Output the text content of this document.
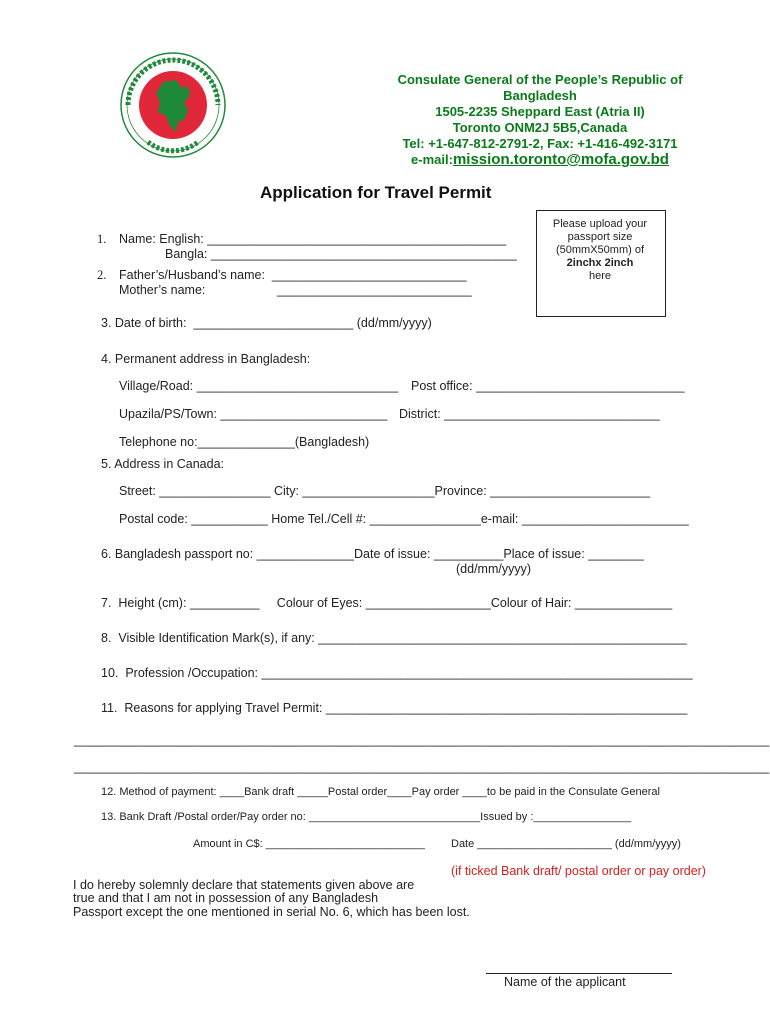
Consulate General of the People’s Republic of
Bangladesh
1505-2235 Sheppard East (Atria II)
Toronto ONM2J 5B5,Canada
Tel: +1-647-812-2791-2, Fax: +1-416-492-3171
e-mail:mission.toronto@mofa.gov.bd
Application for Travel Permit
Please upload your
passport size
(50mmX50mm) of
2inchx 2inch
here
1. Name: English: ___________________________________________
Bangla: ____________________________________________
2. Father’s/Husband’s name:  ____________________________
Mother’s name:	____________________________
3. Date of birth:  _______________________ (dd/mm/yyyy)
4. Permanent address in Bangladesh:
Village/Road: _____________________________ Post office: ______________________________
Upazila/PS/Town: ________________________ District: _______________________________
Telephone no:______________(Bangladesh)
5. Address in Canada:
Street: ________________ City: ___________________Province: _______________________
Postal code: ___________ Home Tel./Cell #: ________________e-mail: ________________________
6. Bangladesh passport no: ______________Date of issue: __________Place of issue: ________
(dd/mm/yyyy)
7.  Height (cm): __________     Colour of Eyes: __________________Colour of Hair: ______________
8.  Visible Identification Mark(s), if any: _____________________________________________________
10.  Profession /Occupation: ______________________________________________________________
11.  Reasons for applying Travel Permit: ____________________________________________________
____________________________________________________________________________________________________
____________________________________________________________________________________________________
12. Method of payment: ____Bank draft _____Postal order____Pay order ____to be paid in the Consulate General
13. Bank Draft /Postal order/Pay order no: ____________________________Issued by :________________
Amount in C$: __________________________ Date ______________________ (dd/mm/yyyy)
(if ticked Bank draft/ postal order or pay order)
I do hereby solemnly declare that statements given above are
true and that I am not in possession of any Bangladesh
Passport except the one mentioned in serial No. 6, which has been lost.
Name of the applicant
